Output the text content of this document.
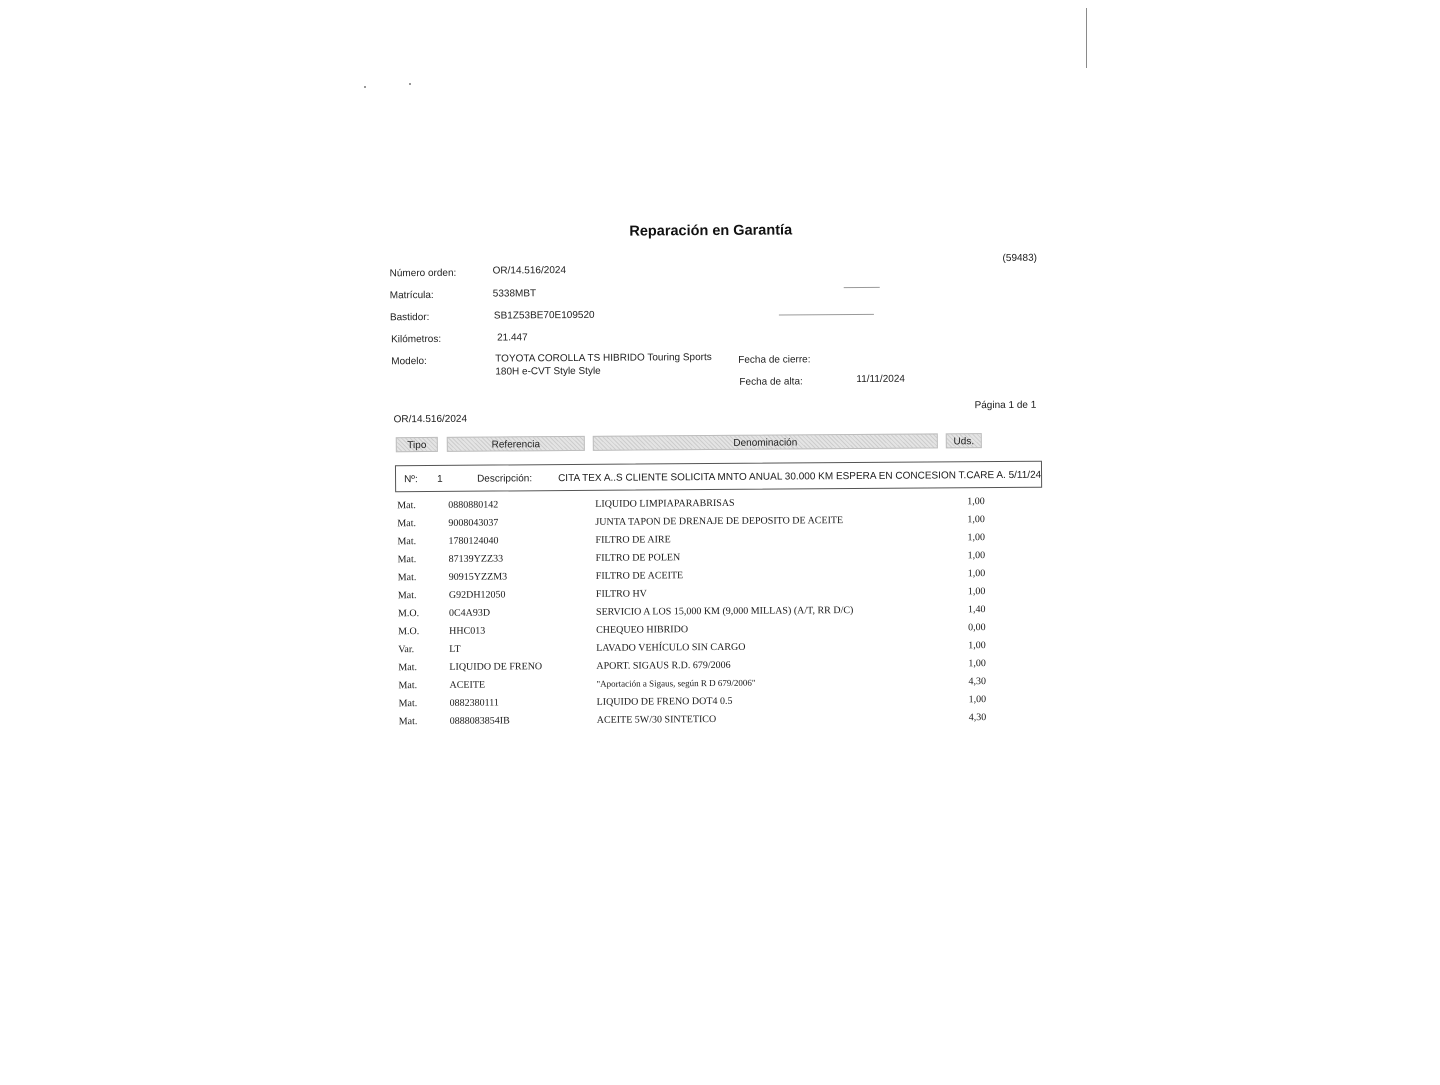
Reparación en Garantía
(59483)
Número orden:	OR/14.516/2024
Matrícula:	5338MBT
Bastidor:	SB1Z53BE70E109520
Kilómetros:	21.447
Modelo:	TOYOTA COROLLA TS HIBRIDO Touring Sports 180H e-CVT Style Style
Fecha de cierre:
Fecha de alta:	11/11/2024
Página 1 de 1
OR/14.516/2024
Tipo	Referencia	Denominación	Uds.
Nº: 1	Descripción:	CITA TEX A..S CLIENTE SOLICITA MNTO ANUAL 30.000 KM ESPERA EN CONCESION T.CARE A. 5/11/24
Mat.	0880880142	LIQUIDO LIMPIAPARABRISAS	1,00
Mat.	9008043037	JUNTA TAPON DE DRENAJE DE DEPOSITO DE ACEITE	1,00
Mat.	1780124040	FILTRO DE AIRE	1,00
Mat.	87139YZZ33	FILTRO DE POLEN	1,00
Mat.	90915YZZM3	FILTRO DE ACEITE	1,00
Mat.	G92DH12050	FILTRO HV	1,00
M.O.	0C4A93D	SERVICIO A LOS 15,000 KM (9,000 MILLAS) (A/T, RR D/C)	1,40
M.O.	HHC013	CHEQUEO HIBRIDO	0,00
Var.	LT	LAVADO VEHÍCULO SIN CARGO	1,00
Mat.	LIQUIDO DE FRENO	APORT. SIGAUS R.D. 679/2006	1,00
Mat.	ACEITE	"Aportación a Sigaus, según R D 679/2006"	4,30
Mat.	0882380111	LIQUIDO DE FRENO DOT4 0.5	1,00
Mat.	0888083854IB	ACEITE 5W/30 SINTETICO	4,30
